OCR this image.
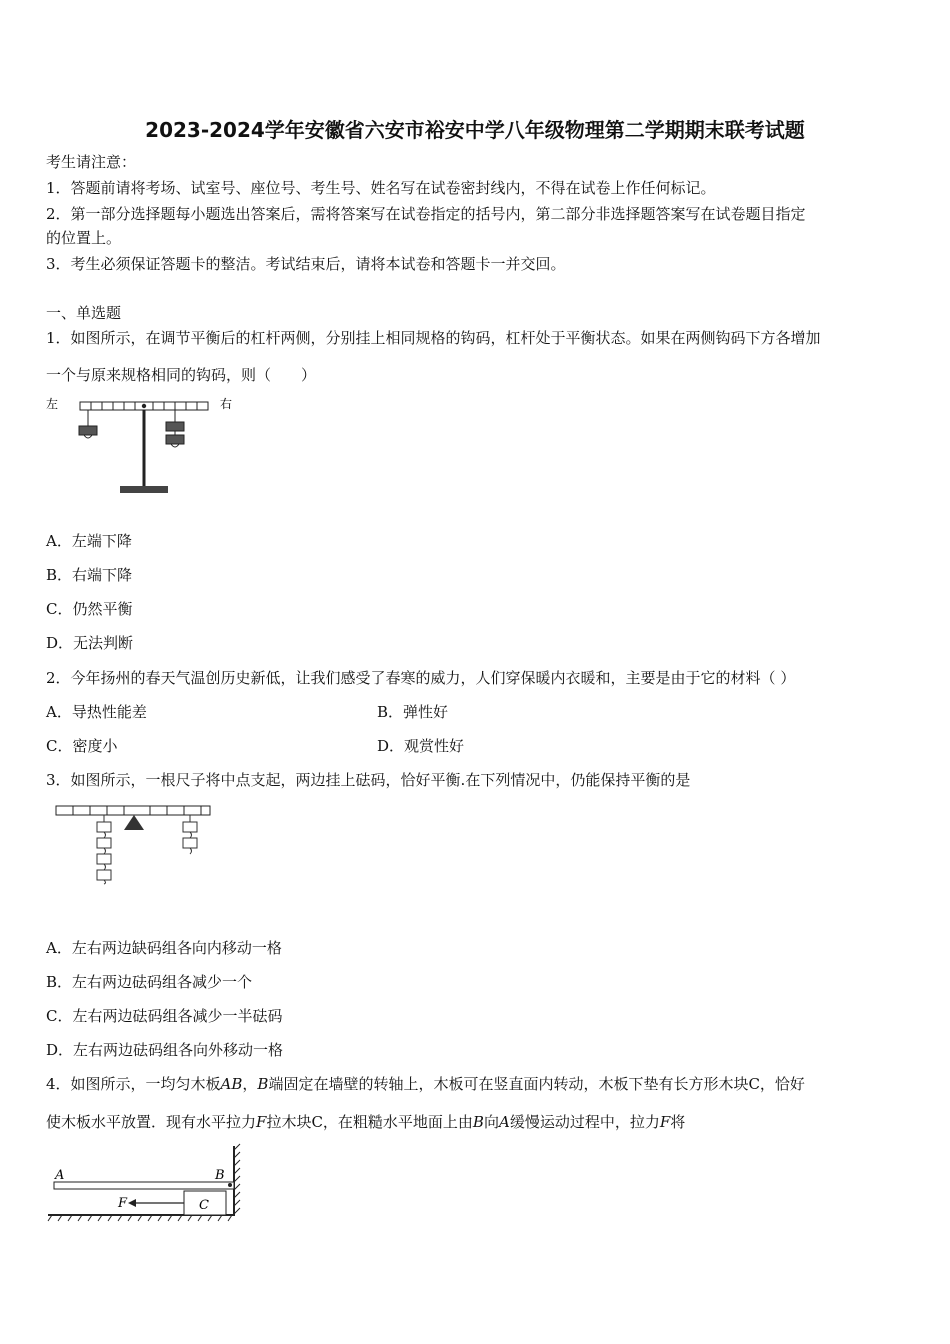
2023-2024学年安徽省六安市裕安中学八年级物理第二学期期末联考试题
考生请注意：
1．答题前请将考场、试室号、座位号、考生号、姓名写在试卷密封线内，不得在试卷上作任何标记。
2．第一部分选择题每小题选出答案后，需将答案写在试卷指定的括号内，第二部分非选择题答案写在试卷题目指定
的位置上。
3．考生必须保证答题卡的整洁。考试结束后，请将本试卷和答题卡一并交回。
一、单选题
1．如图所示，在调节平衡后的杠杆两侧，分别挂上相同规格的钩码，杠杆处于平衡状态。如果在两侧钩码下方各增加
一个与原来规格相同的钩码，则（　　）
左	右
A．左端下降
B．右端下降
C．仍然平衡
D．无法判断
2．今年扬州的春天气温创历史新低，让我们感受了春寒的威力，人们穿保暖内衣暖和，主要是由于它的材料（ ）
A．导热性能差	B．弹性好
C．密度小	D．观赏性好
3．如图所示，一根尺子将中点支起，两边挂上砝码，恰好平衡.在下列情况中，仍能保持平衡的是
A．左右两边缺码组各向内移动一格
B．左右两边砝码组各减少一个
C．左右两边砝码组各减少一半砝码
D．左右两边砝码组各向外移动一格
4．如图所示，一均匀木板AB，B端固定在墙壁的转轴上，木板可在竖直面内转动，木板下垫有长方形木块C，恰好
使木板水平放置．现有水平拉力F拉木块C，在粗糙水平地面上由B向A缓慢运动过程中，拉力F将
A	B
F	C
